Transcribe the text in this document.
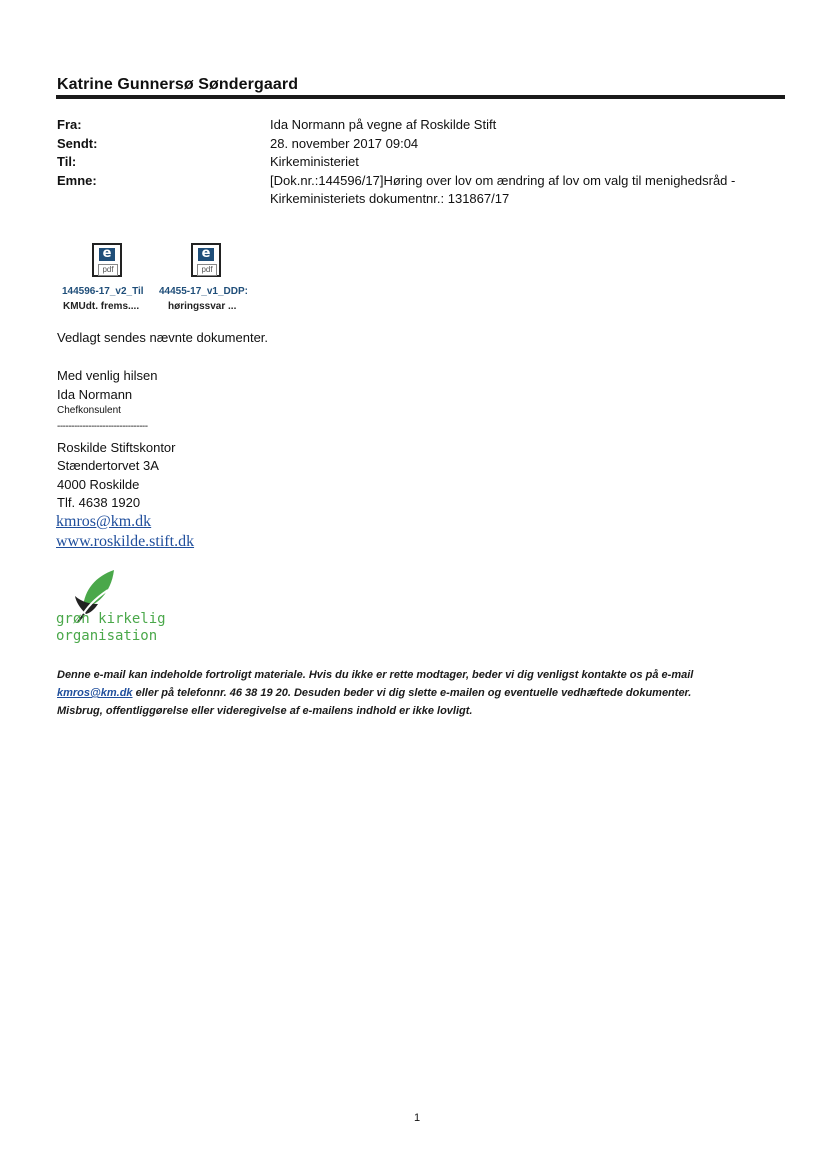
Katrine Gunnersø Søndergaard
Fra:	Ida Normann på vegne af Roskilde Stift
Sendt:	28. november 2017 09:04
Til:	Kirkeministeriet
Emne:	[Dok.nr.:144596/17]Høring over lov om ændring af lov om valg til menighedsråd -
Kirkeministeriets dokumentnr.: 131867/17
e
pdf
144596-17_v2_Til
KMUdt. frems....
e
pdf
44455-17_v1_DDP:
høringssvar ...
Vedlagt sendes nævnte dokumenter.
Med venlig hilsen
Ida Normann
Chefkonsulent
--------------------------------
Roskilde Stiftskontor
Stændertorvet 3A
4000 Roskilde
Tlf. 4638 1920
kmros@km.dk
www.roskilde.stift.dk
grøn kirkelig
organisation
Denne e-mail kan indeholde fortroligt materiale. Hvis du ikke er rette modtager, beder vi dig venligst kontakte os på e-mail
kmros@km.dk eller på telefonnr. 46 38 19 20. Desuden beder vi dig slette e-mailen og eventuelle vedhæftede dokumenter.
Misbrug, offentliggørelse eller videregivelse af e-mailens indhold er ikke lovligt.
1
